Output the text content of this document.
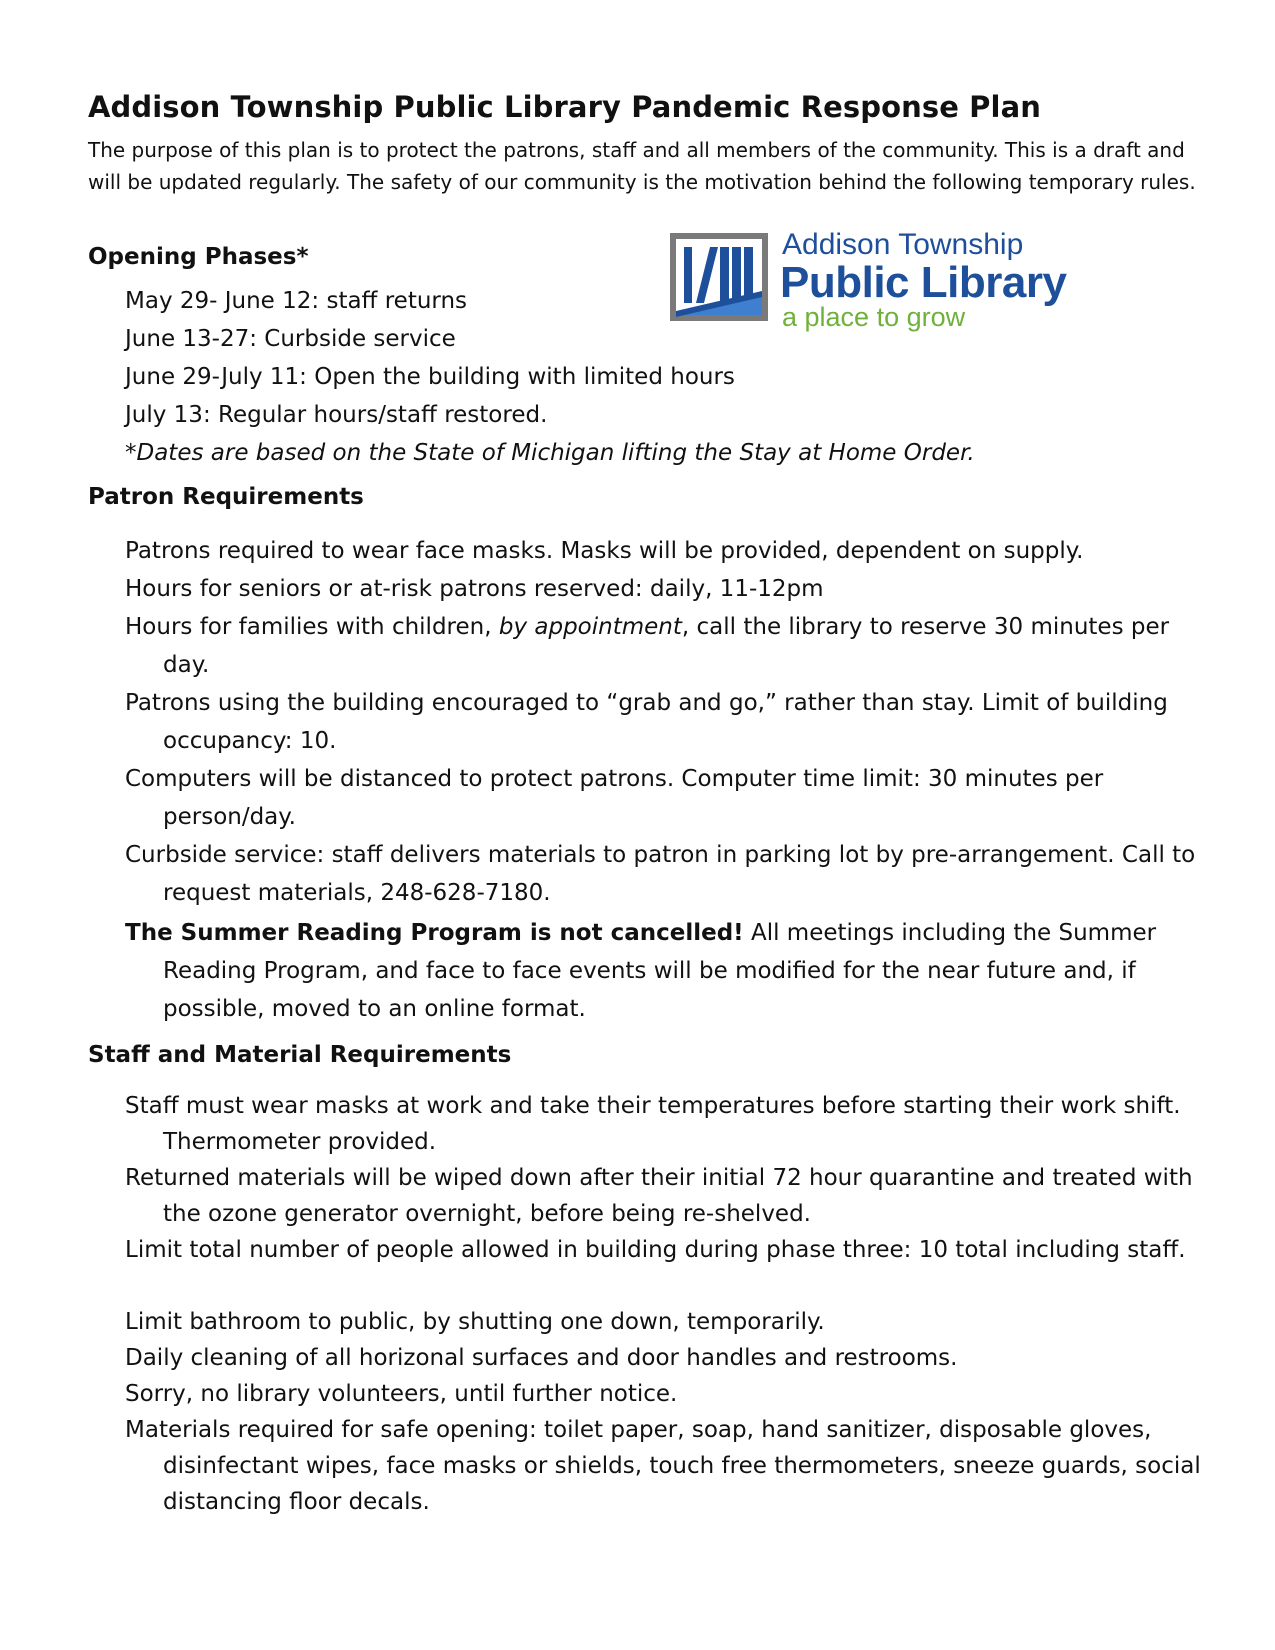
Addison Township Public Library Pandemic Response Plan

The purpose of this plan is to protect the patrons, staff and all members of the community. This is a draft and will be updated regularly. The safety of our community is the motivation behind the following temporary rules.

Addison Township

Public Library

a place to grow

Opening Phases*

May 29- June 12: staff returns

June 13-27: Curbside service

June 29-July 11: Open the building with limited hours

July 13: Regular hours/staff restored.

*Dates are based on the State of Michigan lifting the Stay at Home Order.

Patron Requirements

Patrons required to wear face masks. Masks will be provided, dependent on supply.

Hours for seniors or at-risk patrons reserved: daily, 11-12pm

Hours for families with children, by appointment, call the library to reserve 30 minutes per day.

Patrons using the building encouraged to “grab and go,” rather than stay. Limit of building occupancy: 10.

Computers will be distanced to protect patrons. Computer time limit: 30 minutes per person/day.

Curbside service: staff delivers materials to patron in parking lot by pre-arrangement. Call to request materials, 248-628-7180.

The Summer Reading Program is not cancelled! All meetings including the Summer Reading Program, and face to face events will be modified for the near future and, if possible, moved to an online format.

Staff and Material Requirements

Staff must wear masks at work and take their temperatures before starting their work shift. Thermometer provided.

Returned materials will be wiped down after their initial 72 hour quarantine and treated with the ozone generator overnight, before being re-shelved.

Limit total number of people allowed in building during phase three: 10 total including staff.

Limit bathroom to public, by shutting one down, temporarily.

Daily cleaning of all horizonal surfaces and door handles and restrooms.

Sorry, no library volunteers, until further notice.

Materials required for safe opening: toilet paper, soap, hand sanitizer, disposable gloves, disinfectant wipes, face masks or shields, touch free thermometers, sneeze guards, social distancing floor decals.
